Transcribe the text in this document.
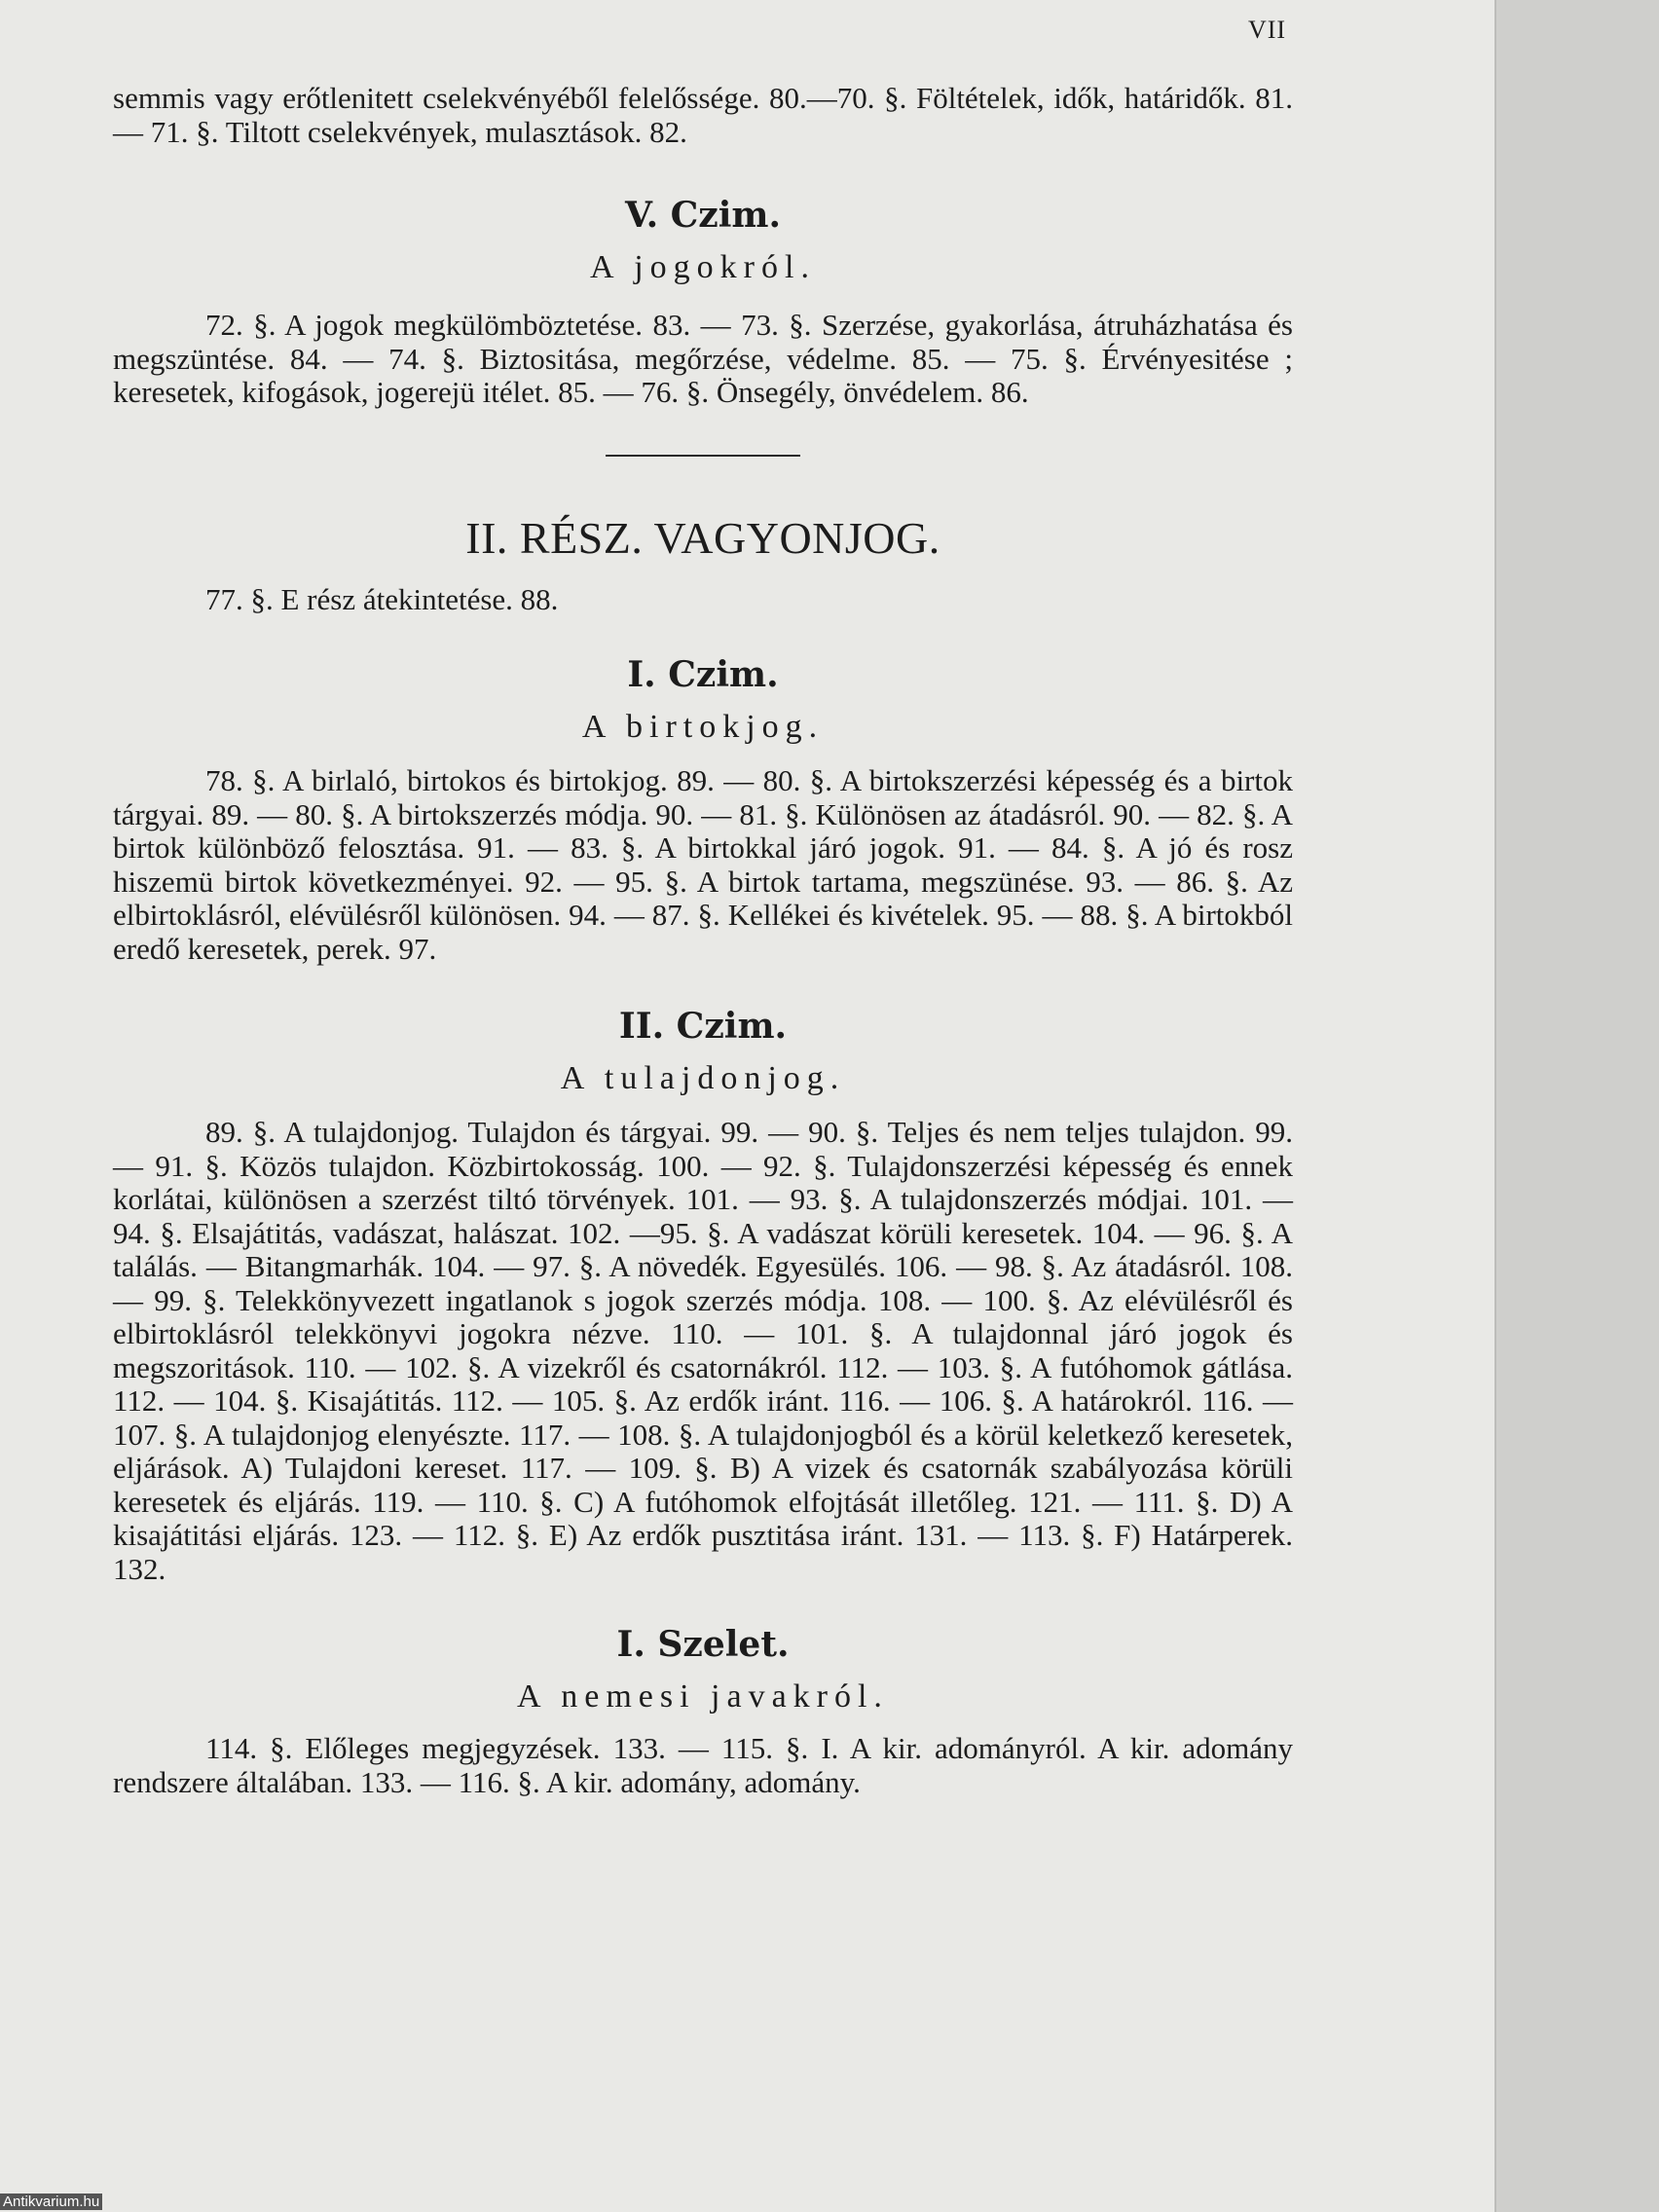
VII

semmis vagy erőtlenitett cselekvényéből felelőssége. 80.—70. §. Föltételek, idők, határidők. 81. — 71. §. Tiltott cselekvények, mulasztások. 82.

V. Czim.

A jogokról.

72. §. A jogok megkülömböztetése. 83. — 73. §. Szerzése, gyakorlása, átruházhatása és megszüntése. 84. — 74. §. Biztositása, megőrzése, védelme. 85. — 75. §. Érvényesitése ; keresetek, kifogások, jogerejü itélet. 85. — 76. §. Önsegély, önvédelem. 86.

II. RÉSZ. VAGYONJOG.

77. §. E rész átekintetése. 88.

I. Czim.

A birtokjog.

78. §. A birlaló, birtokos és birtokjog. 89. — 80. §. A birtokszerzési képesség és a birtok tárgyai. 89. — 80. §. A birtokszerzés módja. 90. — 81. §. Különösen az átadásról. 90. — 82. §. A birtok különböző felosztása. 91. — 83. §. A birtokkal járó jogok. 91. — 84. §. A jó és rosz hiszemü birtok következményei. 92. — 95. §. A birtok tartama, megszünése. 93. — 86. §. Az elbirtoklásról, elévülésről különösen. 94. — 87. §. Kellékei és kivételek. 95. — 88. §. A birtokból eredő keresetek, perek. 97.

II. Czim.

A tulajdonjog.

89. §. A tulajdonjog. Tulajdon és tárgyai. 99. — 90. §. Teljes és nem teljes tulajdon. 99. — 91. §. Közös tulajdon. Közbirtokosság. 100. — 92. §. Tulajdonszerzési képesség és ennek korlátai, különösen a szerzést tiltó törvények. 101. — 93. §. A tulajdonszerzés módjai. 101. — 94. §. Elsajátitás, vadászat, halászat. 102. —95. §. A vadászat körüli keresetek. 104. — 96. §. A találás. — Bitangmarhák. 104. — 97. §. A növedék. Egyesülés. 106. — 98. §. Az átadásról. 108. — 99. §. Telekkönyvezett ingatlanok s jogok szerzés módja. 108. — 100. §. Az elévülésről és elbirtoklásról telekkönyvi jogokra nézve. 110. — 101. §. A tulajdonnal járó jogok és megszoritások. 110. — 102. §. A vizekről és csatornákról. 112. — 103. §. A futóhomok gátlása. 112. — 104. §. Kisajátitás. 112. — 105. §. Az erdők iránt. 116. — 106. §. A határokról. 116. — 107. §. A tulajdonjog elenyészte. 117. — 108. §. A tulajdonjogból és a körül keletkező keresetek, eljárások. A) Tulajdoni kereset. 117. — 109. §. B) A vizek és csatornák szabályozása körüli keresetek és eljárás. 119. — 110. §. C) A futóhomok elfojtását illetőleg. 121. — 111. §. D) A kisajátitási eljárás. 123. — 112. §. E) Az erdők pusztitása iránt. 131. — 113. §. F) Határperek. 132.

I. Szelet.

A nemesi javakról.

114. §. Előleges megjegyzések. 133. — 115. §. I. A kir. adományról. A kir. adomány rendszere általában. 133. — 116. §. A kir. adomány, adomány.

Antikvarium.hu
